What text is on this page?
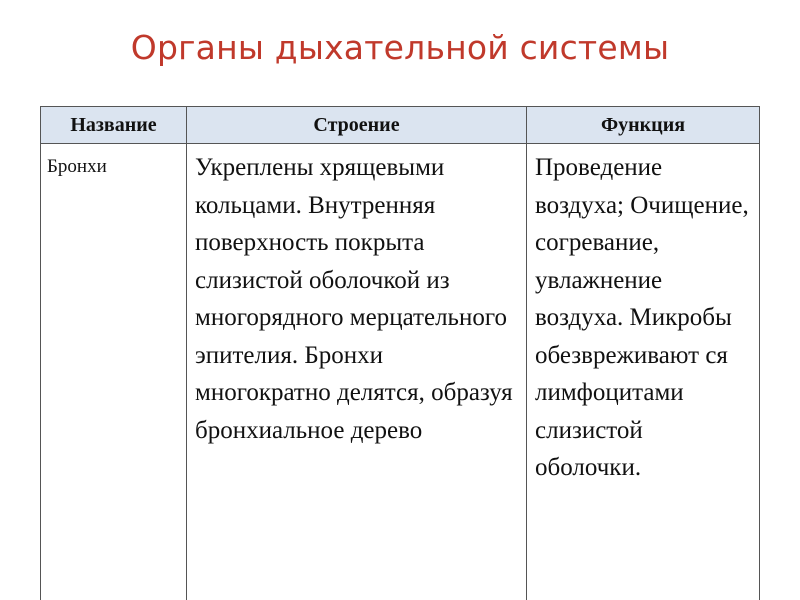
Органы дыхательной системы
Название	Строение	Функция
Бронхи	Укреплены хрящевыми кольцами. Внутренняя поверхность покрыта слизистой оболочкой из многорядного мерцательного эпителия. Бронхи многократно делятся, образуя бронхиальное дерево	Проведение воздуха; Очищение, согревание, увлажнение воздуха. Микробы обезвреживают ся лимфоцитами слизистой оболочки.
